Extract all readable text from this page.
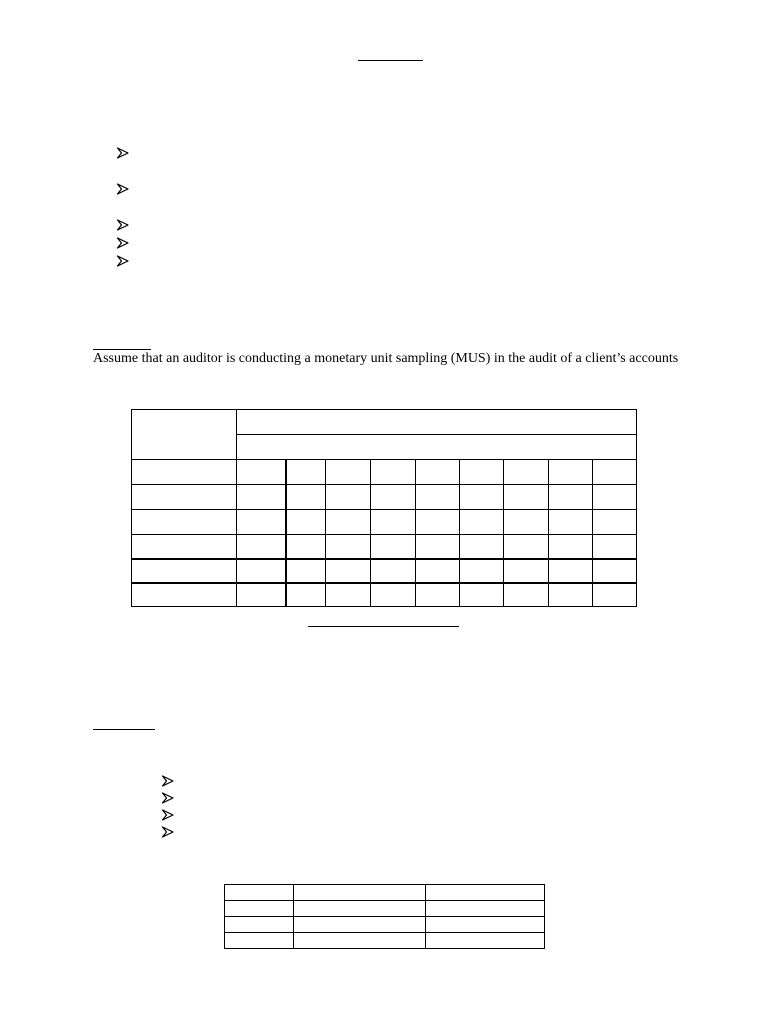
Assume that an auditor is conducting a monetary unit sampling (MUS) in the audit of a client’s accounts
